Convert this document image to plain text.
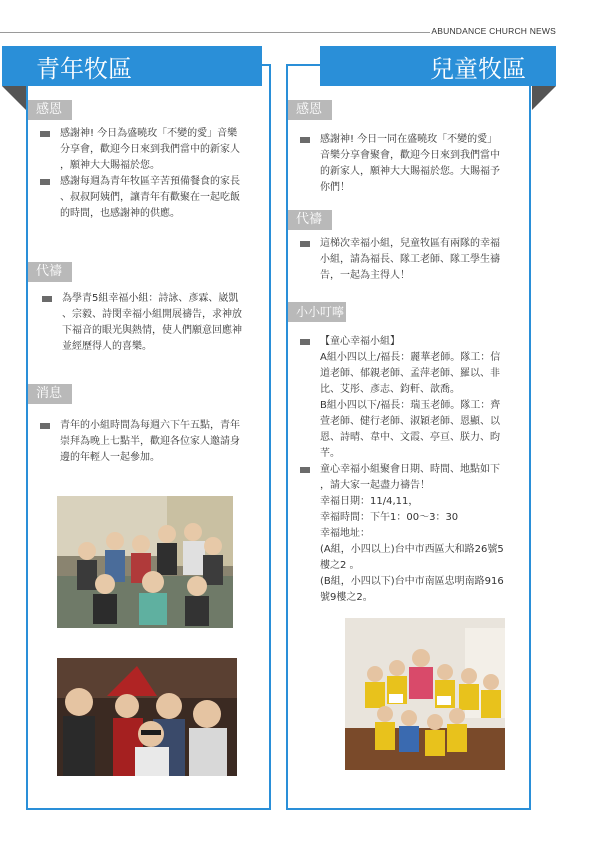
ABUNDANCE CHURCH NEWS
青年牧區	兒童牧區
感恩

感謝神! 今日為盛曉玫「不變的愛」音樂

分享會，歡迎今日來到我們當中的新家人

，願神大大賜福於您。

感謝每週為青年牧區辛苦預備餐食的家長

、叔叔阿姨們，讓青年有歡聚在一起吃飯

的時間，也感謝神的供應。

代禱

為學青5組幸福小組：詩詠、彥霖、崴凱

、宗毅、詩閔幸福小組開展禱告，求神放

下福音的眼光與熱情，使人們願意回應神

並經歷得人的喜樂。

消息

青年的小組時間為每週六下午五點，青年

崇拜為晚上七點半，歡迎各位家人邀請身

邊的年輕人一起參加。

感恩

感謝神! 今日一同在盛曉玫「不變的愛」

音樂分享會聚會，歡迎今日來到我們當中

的新家人，願神大大賜福於您。大賜福予

你們！

代禱

這梯次幸福小組，兒童牧區有兩隊的幸福

小組，請為福長、隊工老師、隊工學生禱

告，一起為主得人！

小小叮嚀

【童心幸福小組】

A組小四以上/福長：麗華老師。隊工：信

道老師、郁親老師、孟萍老師、羅以、非

比、艾彤、彥志、鈞軒、歆喬。

B組小四以下/福長：瑞玉老師。隊工：齊

萱老師、健行老師、淑穎老師、恩顯、以

恩、詩晴、韋中、文霞、亭亘、朕力、昀

芊。

童心幸福小組聚會日期、時間、地點如下

，請大家一起盡力禱告！

幸福日期：11/4,11，

幸福時間：下午1：00～3：30

幸福地址：

(A組，小四以上)台中市西區大和路26號5

樓之2 。

(B組，小四以下)台中市南區忠明南路916

號9樓之2。
